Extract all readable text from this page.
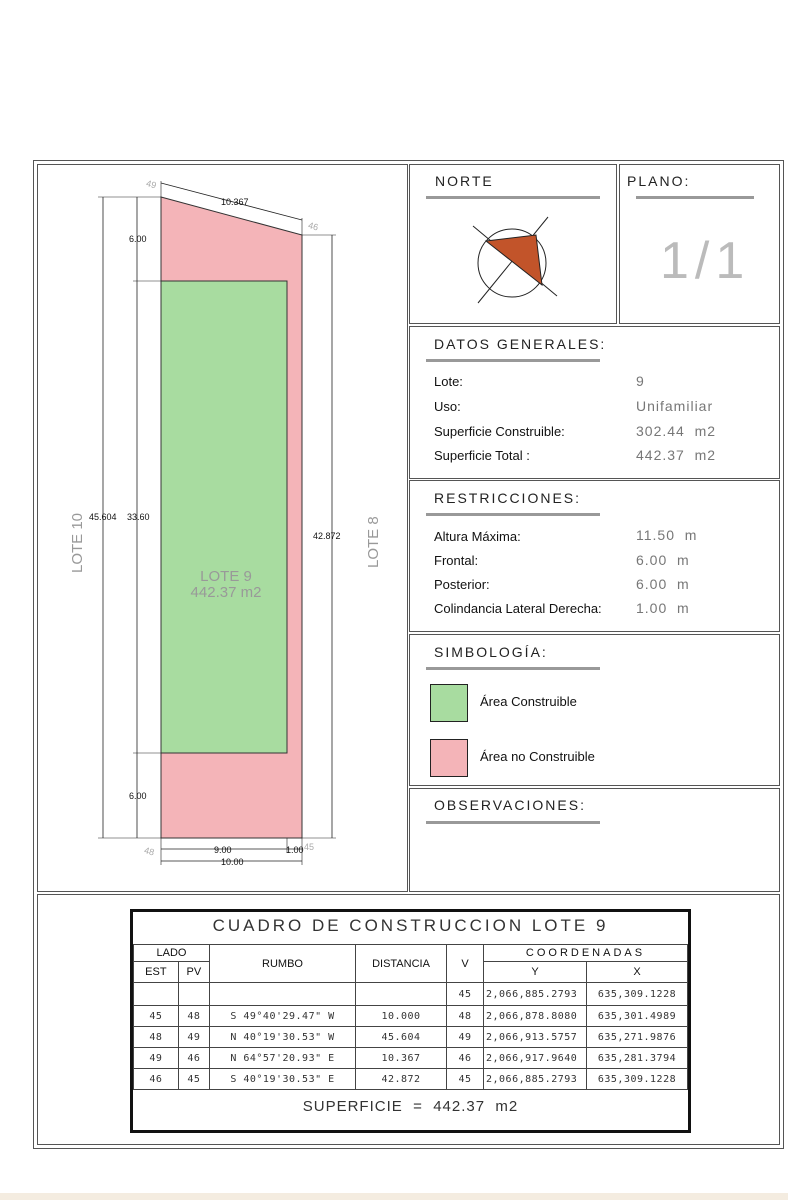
10.367
45.604
6.00
33.60
6.00
42.872
9.00	1.00
10.00
49
46
48	45
LOTE 10	LOTE 8
LOTE 9
442.37 m2
NORTE	PLANO:
1/1
DATOS GENERALES:
Lote:	9
Uso:	Unifamiliar
Superficie Construible:	302.44  m2
Superficie Total :	442.37  m2
RESTRICCIONES:
Altura Máxima:	11.50  m
Frontal:	6.00  m
Posterior:	6.00  m
Colindancia Lateral Derecha: 1.00  m
SIMBOLOGÍA:
Área Construible
Área no Construible
OBSERVACIONES:
CUADRO DE CONSTRUCCION LOTE 9
LADO		RUMBO	DISTANCIA	V	COORDENADAS	
EST	PV				Y	X
				45	2,066,885.2793	635,309.1228
45	48	S 49°40'29.47" W	10.000	48	2,066,878.8080	635,301.4989
48	49	N 40°19'30.53" W	45.604	49	2,066,913.5757	635,271.9876
49	46	N 64°57'20.93" E	10.367	46	2,066,917.9640	635,281.3794
46	45	S 40°19'30.53" E	42.872	45	2,066,885.2793	635,309.1228
SUPERFICIE  =  442.37  m2
